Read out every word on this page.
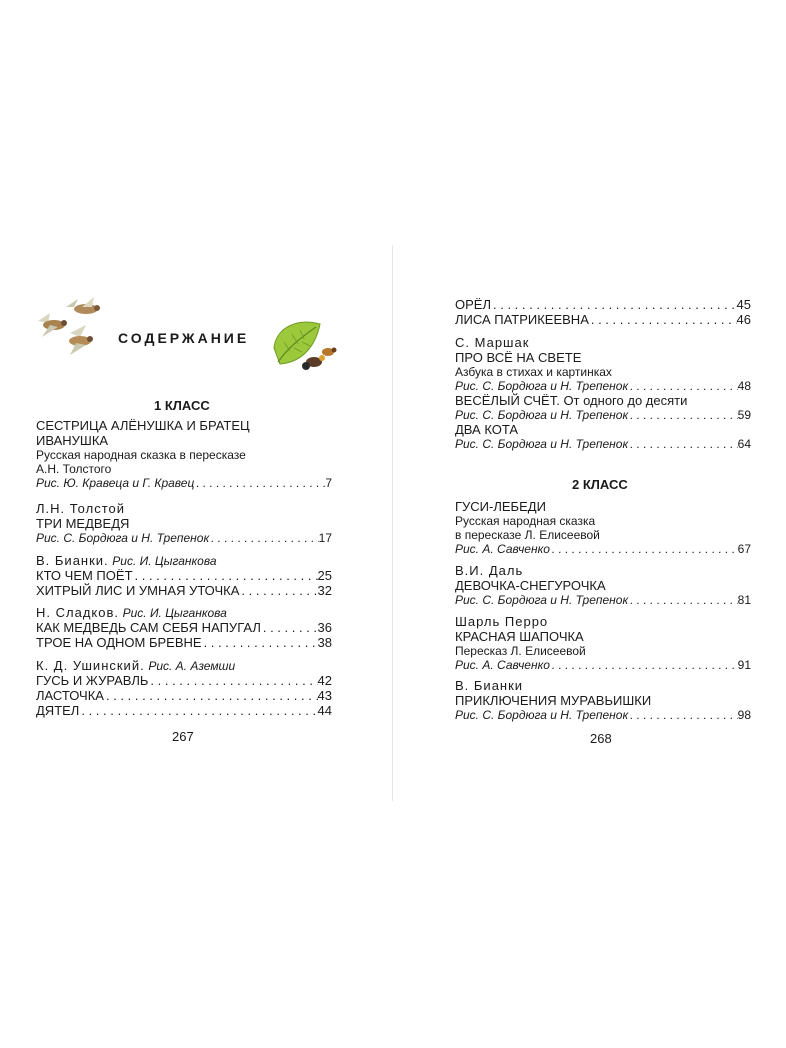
СОДЕРЖАНИЕ
1 КЛАСС
СЕСТРИЦА АЛЁНУШКА И БРАТЕЦ
ИВАНУШКА
Русская народная сказка в пересказе
А.Н. Толстого
Рис. Ю. Кравеца и Г. Кравец . . .	7
Л.Н. Толстой
ТРИ МЕДВЕДЯ
Рис. С. Бордюга и Н. Трепенок . . .	17
В. Бианки. Рис. И. Цыганкова
КТО ЧЕМ ПОЁТ . . .	25
ХИТРЫЙ ЛИС И УМНАЯ УТОЧКА . . .	32
Н. Сладков. Рис. И. Цыганкова
КАК МЕДВЕДЬ САМ СЕБЯ НАПУГАЛ . . .	36
ТРОЕ НА ОДНОМ БРЕВНЕ . . .	38
К. Д. Ушинский. Рис. А. Аземши
ГУСЬ И ЖУРАВЛЬ . . .	42
ЛАСТОЧКА . . .	43
ДЯТЕЛ . . .	44
267
ОРЁЛ . . .	45
ЛИСА ПАТРИКЕЕВНА . . .	46
С. Маршак
ПРО ВСЁ НА СВЕТЕ
Азбука в стихах и картинках
Рис. С. Бордюга и Н. Трепенок . . .	48
ВЕСЁЛЫЙ СЧЁТ. От одного до десяти
Рис. С. Бордюга и Н. Трепенок . . .	59
ДВА КОТА
Рис. С. Бордюга и Н. Трепенок . . .	64
2 КЛАСС
ГУСИ-ЛЕБЕДИ
Русская народная сказка
в пересказе Л. Елисеевой
Рис. А. Савченко . . .	67
В.И. Даль
ДЕВОЧКА-СНЕГУРОЧКА
Рис. С. Бордюга и Н. Трепенок . . .	81
Шарль Перро
КРАСНАЯ ШАПОЧКА
Пересказ Л. Елисеевой
Рис. А. Савченко . . .	91
В. Бианки
ПРИКЛЮЧЕНИЯ МУРАВЬИШКИ
Рис. С. Бордюга и Н. Трепенок . . .	98
268
